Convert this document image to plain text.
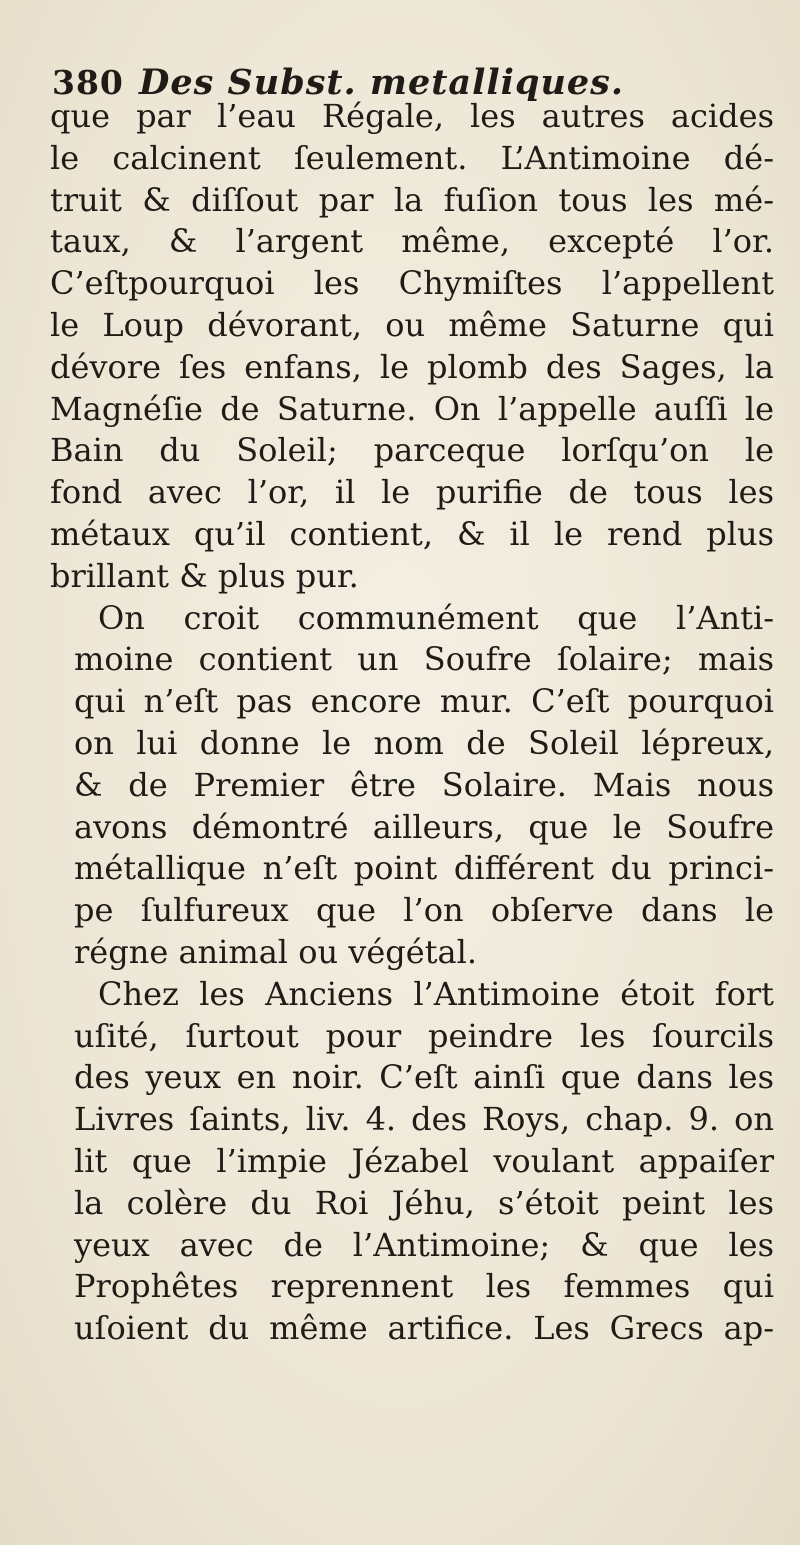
380 Des Subst. metalliques.

que par l’eau Régale, les autres acides
le calcinent ſeulement. L’Antimoine dé-
truit & diſſout par la fuſion tous les mé-
taux, & l’argent même, excepté l’or.
C’eſtpourquoi les Chymiſtes l’appellent
le Loup dévorant, ou même Saturne qui
dévore ſes enfans, le plomb des Sages, la
Magnéſie de Saturne. On l’appelle auſſi le
Bain du Soleil; parceque lorſqu’on le
fond avec l’or, il le purifie de tous les
métaux qu’il contient, & il le rend plus
brillant & plus pur.

On croit communément que l’Anti-
moine contient un Soufre ſolaire; mais
qui n’eſt pas encore mur. C’eſt pourquoi
on lui donne le nom de Soleil lépreux,
& de Premier être Solaire. Mais nous
avons démontré ailleurs, que le Soufre
métallique n’eſt point différent du princi-
pe ſulfureux que l’on obſerve dans le
régne animal ou végétal.

Chez les Anciens l’Antimoine étoit fort
uſité, ſurtout pour peindre les ſourcils
des yeux en noir. C’eſt ainſi que dans les
Livres ſaints, liv. 4. des Roys, chap. 9. on
lit que l’impie Jézabel voulant appaiſer
la colère du Roi Jéhu, s’étoit peint les
yeux avec de l’Antimoine; & que les
Prophêtes reprennent les femmes qui
uſoient du même artifice. Les Grecs ap-
